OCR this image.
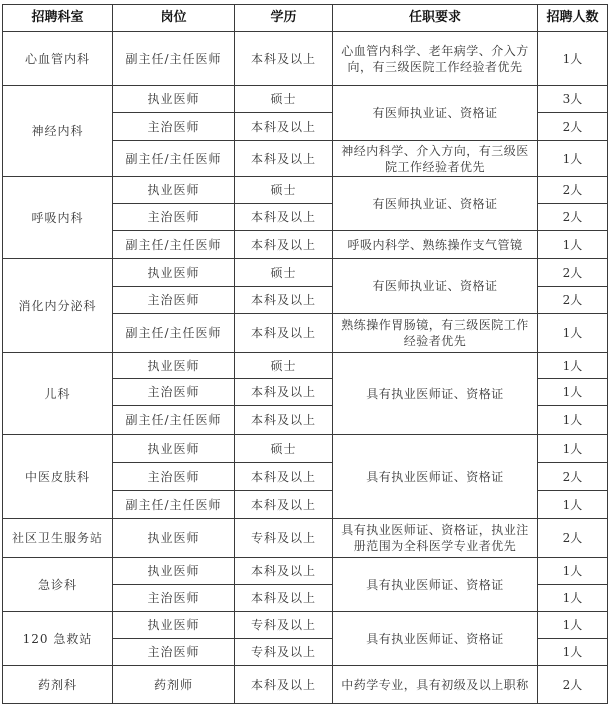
招聘科室	岗位	学历	任职要求	招聘人数
心血管内科	副主任/主任医师	本科及以上	心血管内科学、老年病学、介入方向，有三级医院工作经验者优先	1人
神经内科	执业医师	硕士	有医师执业证、资格证	3人
	主治医师	本科及以上		2人
	副主任/主任医师	本科及以上	神经内科学、介入方向，有三级医院工作经验者优先	1人
呼吸内科	执业医师	硕士	有医师执业证、资格证	2人
	主治医师	本科及以上		2人
	副主任/主任医师	本科及以上	呼吸内科学、熟练操作支气管镜	1人
消化内分泌科	执业医师	硕士	有医师执业证、资格证	2人
	主治医师	本科及以上		2人
	副主任/主任医师	本科及以上	熟练操作胃肠镜，有三级医院工作经验者优先	1人
儿科	执业医师	硕士	具有执业医师证、资格证	1人
	主治医师	本科及以上		1人
	副主任/主任医师	本科及以上		1人
中医皮肤科	执业医师	硕士	具有执业医师证、资格证	1人
	主治医师	本科及以上		2人
	副主任/主任医师	本科及以上		1人
社区卫生服务站	执业医师	专科及以上	具有执业医师证、资格证，执业注册范围为全科医学专业者优先	2人
急诊科	执业医师	本科及以上	具有执业医师证、资格证	1人
	主治医师	本科及以上		1人
120 急救站	执业医师	专科及以上	具有执业医师证、资格证	1人
	主治医师	专科及以上		1人
药剂科	药剂师	本科及以上	中药学专业，具有初级及以上职称	2人
